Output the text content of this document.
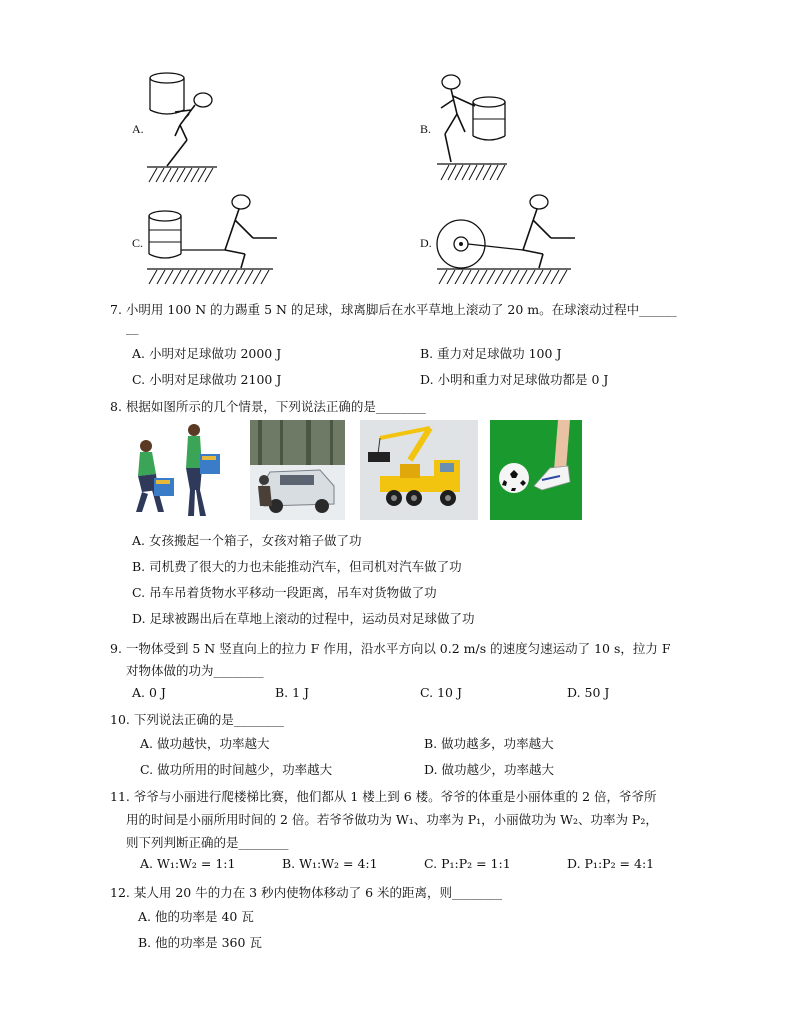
A.	B.
C.	D.
7. 小明用 100 N 的力踢重 5 N 的足球，球离脚后在水平草地上滚动了 20 m。在球滚动过程中______
__
A. 小明对足球做功 2000 J	B. 重力对足球做功 100 J
C. 小明对足球做功 2100 J	D. 小明和重力对足球做功都是 0 J
8. 根据如图所示的几个情景，下列说法正确的是________
A. 女孩搬起一个箱子，女孩对箱子做了功
B. 司机费了很大的力也未能推动汽车，但司机对汽车做了功
C. 吊车吊着货物水平移动一段距离，吊车对货物做了功
D. 足球被踢出后在草地上滚动的过程中，运动员对足球做了功
9. 一物体受到 5 N 竖直向上的拉力 F 作用，沿水平方向以 0.2 m/s 的速度匀速运动了 10 s，拉力 F
对物体做的功为________
A. 0 J	B. 1 J	C. 10 J	D. 50 J
10. 下列说法正确的是________
A. 做功越快，功率越大	B. 做功越多，功率越大
C. 做功所用的时间越少，功率越大	D. 做功越少，功率越大
11. 爷爷与小丽进行爬楼梯比赛，他们都从 1 楼上到 6 楼。爷爷的体重是小丽体重的 2 倍，爷爷所
用的时间是小丽所用时间的 2 倍。若爷爷做功为 W₁、功率为 P₁，小丽做功为 W₂、功率为 P₂，
则下列判断正确的是________
A. W₁:W₂ = 1:1	B. W₁:W₂ = 4:1	C. P₁:P₂ = 1:1	D. P₁:P₂ = 4:1
12. 某人用 20 牛的力在 3 秒内使物体移动了 6 米的距离，则________
A. 他的功率是 40 瓦
B. 他的功率是 360 瓦
